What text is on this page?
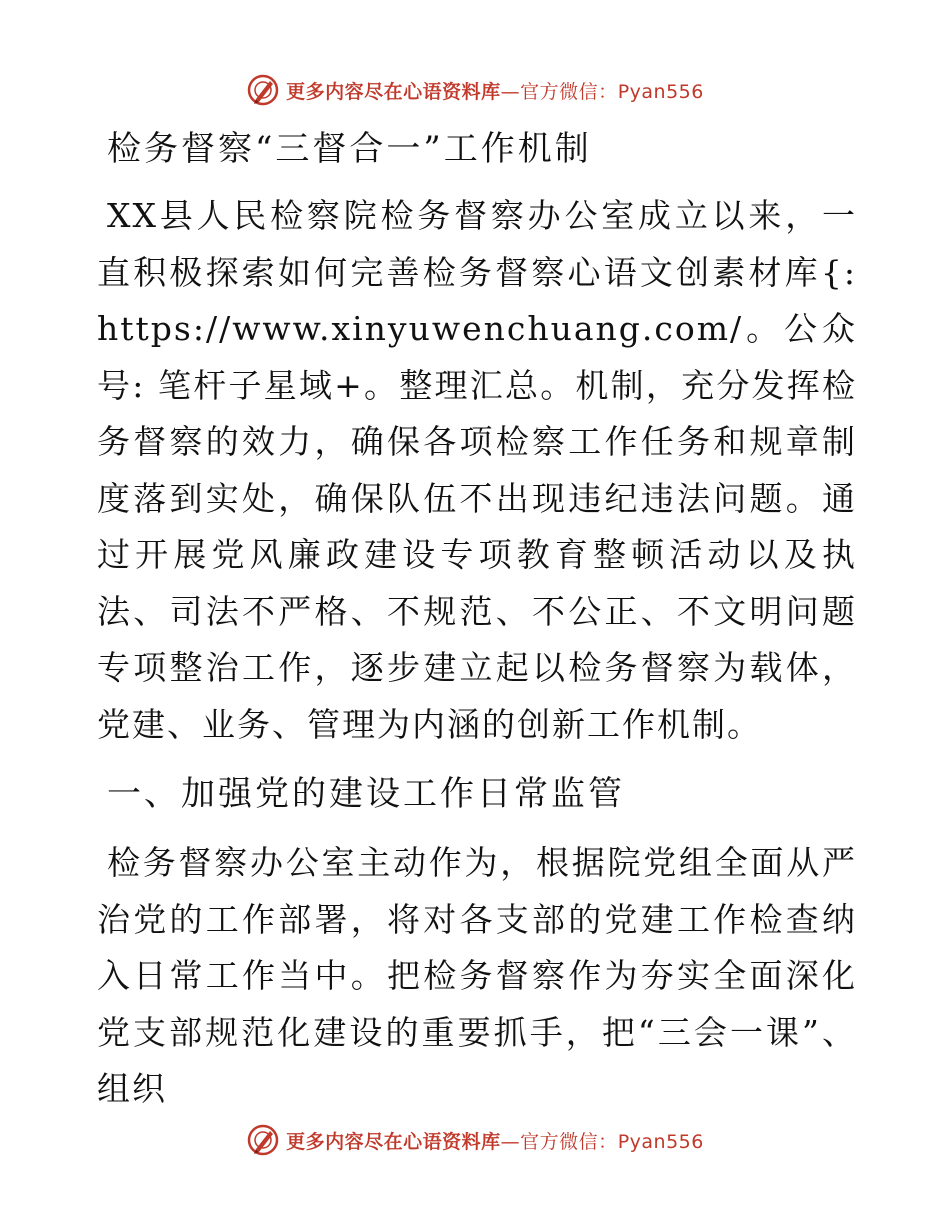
更多内容尽在心语资料库—官方微信：Pyan556
检务督察“三督合一”工作机制

XX县人民检察院检务督察办公室成立以来，一直积极探索如何完善检务督察心语文创素材库{: https://www.xinyuwenchuang.com/。公众号: 笔杆子星域+。整理汇总。机制，充分发挥检务督察的效力，确保各项检察工作任务和规章制度落到实处，确保队伍不出现违纪违法问题。通过开展党风廉政建设专项教育整顿活动以及执法、司法不严格、不规范、不公正、不文明问题专项整治工作，逐步建立起以检务督察为载体，党建、业务、管理为内涵的创新工作机制。

一、加强党的建设工作日常监管

检务督察办公室主动作为，根据院党组全面从严治党的工作部署，将对各支部的党建工作检查纳入日常工作当中。把检务督察作为夯实全面深化党支部规范化建设的重要抓手，把“三会一课”、组织

更多内容尽在心语资料库—官方微信：Pyan556
